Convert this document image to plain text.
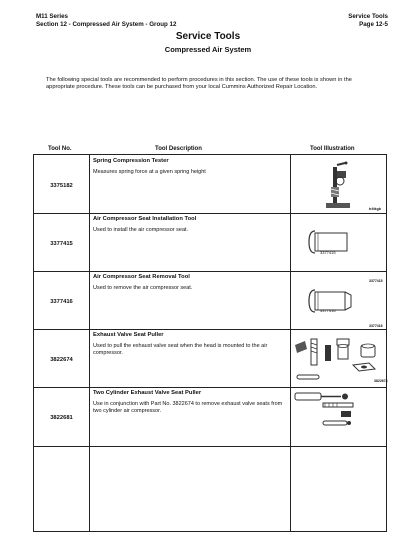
M11 Series
Section 12 - Compressed Air System - Group 12
Service Tools
Page 12-5
Service Tools
Compressed Air System
The following special tools are recommended to perform procedures in this section. The use of these tools is shown in the appropriate procedure. These tools can be purchased from your local Cummins Authorized Repair Location.
Tool No.	Tool Description	Tool Illustration
3375182
Spring Compression Tester
Measures spring force at a given spring height
tr4tkgb
3377415
Air Compressor Seat Installation Tool
Used to install the air compressor seat.
3377415
3377416
Air Compressor Seat Removal Tool
Used to remove the air compressor seat.
3377415
3377416
3377416
3822674
Exhaust Valve Seat Puller
Used to pull the exhaust valve seat when the head is mounted to the air compressor.
3822674
3822681
Two Cylinder Exhaust Valve Seat Puller
Use in conjunction with Part No. 3822674 to remove exhaust valve seats from two cylinder air compressor.
